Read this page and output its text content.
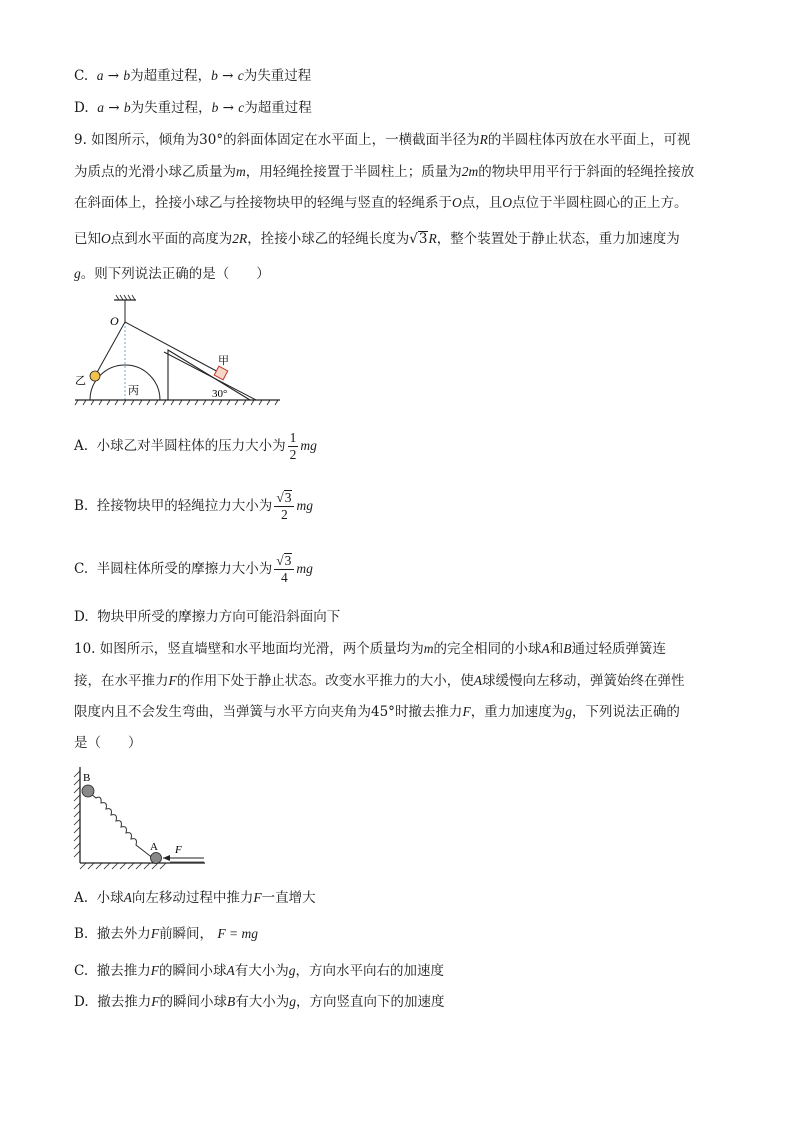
C. a → b为超重过程，b → c为失重过程
D. a → b为失重过程，b → c为超重过程
9. 如图所示，倾角为30°的斜面体固定在水平面上，一横截面半径为R的半圆柱体丙放在水平面上，可视
为质点的光滑小球乙质量为m，用轻绳拴接置于半圆柱上；质量为2m的物块甲用平行于斜面的轻绳拴接放
在斜面体上，拴接小球乙与拴接物块甲的轻绳与竖直的轻绳系于O点，且O点位于半圆柱圆心的正上方。
已知O点到水平面的高度为2R，拴接小球乙的轻绳长度为√3R，整个装置处于静止状态，重力加速度为
g。则下列说法正确的是（　　）
O
丙
乙
甲
30°
A. 小球乙对半圆柱体的压力大小为 $\frac{1}{2}$ mg
B. 拴接物块甲的轻绳拉力大小为 $\frac{√3}{2}$ mg
C. 半圆柱体所受的摩擦力大小为 $\frac{√3}{4}$ mg
D. 物块甲所受的摩擦力方向可能沿斜面向下
10. 如图所示，竖直墙壁和水平地面均光滑，两个质量均为m的完全相同的小球A和B通过轻质弹簧连
接，在水平推力F的作用下处于静止状态。改变水平推力的大小，使A球缓慢向左移动，弹簧始终在弹性
限度内且不会发生弯曲，当弹簧与水平方向夹角为45°时撤去推力F，重力加速度为g，下列说法正确的
是（　　）
B
A F
A. 小球A向左移动过程中推力F一直增大
B. 撤去外力F前瞬间， F = mg
C. 撤去推力F的瞬间小球A有大小为g，方向水平向右的加速度
D. 撤去推力F的瞬间小球B有大小为g，方向竖直向下的加速度
